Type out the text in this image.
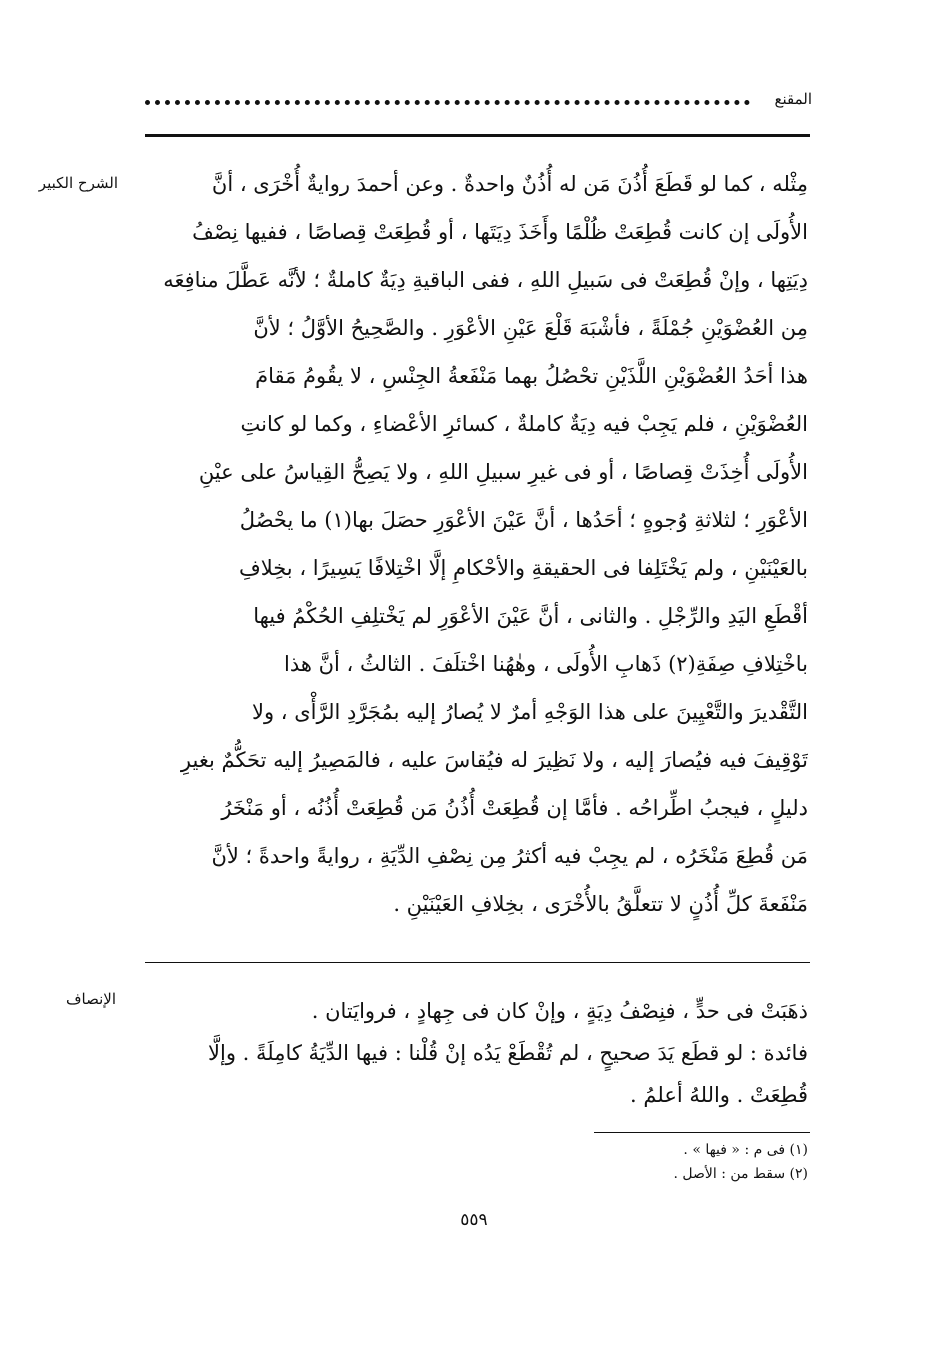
المقنع
الشرح الكبير	مِثْله ، كما لو قَطَعَ أُذُنَ مَن له أُذُنٌ واحدةٌ . وعن أحمدَ روايةٌ أُخْرَى ، أنَّ
الأُولَى إن كانت قُطِعَتْ ظُلْمًا وأَخَذَ دِيَتَها ، أو قُطِعَتْ قِصاصًا ، ففيها نِصْفُ
دِيَتِها ، وإنْ قُطِعَتْ فى سَبيلِ اللهِ ، ففى الباقيةِ دِيَةٌ كاملةٌ ؛ لأنَّه عَطَّلَ منافِعَه
مِن العُضْوَيْنِ جُمْلَةً ، فأشْبَهَ قَلْعَ عَيْنِ الأعْوَرِ . والصَّحِيحُ الأوَّلُ ؛ لأنَّ
هذا أحَدُ العُضْوَيْنِ اللَّذَيْنِ تحْصُلُ بهما مَنْفَعةُ الجِنْسِ ، لا يقُومُ مَقامَ
العُضْوَيْنِ ، فلم يَجِبْ فيه دِيَةٌ كاملةٌ ، كسائرِ الأعْضاءِ ، وكما لو كانتِ
الأُولَى أُخِذَتْ قِصاصًا ، أو فى غيرِ سبيلِ اللهِ ، ولا يَصِحُّ القِياسُ على عيْنِ
الأعْوَرِ ؛ لثلاثةِ وُجوهٍ ؛ أحَدُها ، أنَّ عَيْنَ الأعْوَرِ حصَلَ بها(١) ما يحْصُلُ
بالعَيْنَيْنِ ، ولم يَخْتَلِفا فى الحقيقةِ والأحْكامِ إلَّا اخْتِلافًا يَسِيرًا ، بخِلافِ
أقْطَعِ اليَدِ والرِّجْلِ . والثانى ، أنَّ عَيْنَ الأعْوَرِ لم يَخْتلِفِ الحُكْمُ فيها
باخْتِلافِ صِفَةِ(٢) ذَهابِ الأُولَى ، وهٰهُنا اخْتلَفَ . الثالثُ ، أنَّ هذا
التَّقْديرَ والتَّعْيِينَ على هذا الوَجْهِ أمرٌ لا يُصارُ إليه بمُجَرَّدِ الرَّأْى ، ولا
تَوْقِيفَ فيه فيُصارَ إليه ، ولا نَظِيرَ له فيُقاسَ عليه ، فالمَصِيرُ إليه تحَكُّمٌ بغيرِ
دليلٍ ، فيجبُ اطِّراحُه . فأمَّا إن قُطِعَتْ أُذُنُ مَن قُطِعَتْ أُذُنُه ، أو مَنْخَرُ
مَن قُطِعَ مَنْخَرُه ، لم يجِبْ فيه أكثرُ مِن نِصْفِ الدِّيَةِ ، روايةً واحدةً ؛ لأنَّ
مَنْفَعةَ كلِّ أُذُنٍ لا تتعلَّقُ بالأُخْرَى ، بخِلافِ العَيْنَيْنِ .
الإنصاف	ذهَبَتْ فى حدٍّ ، فنِصْفُ دِيَةٍ ، وإنْ كان فى جِهادٍ ، فروايَتان .
فائدة : لو قطَع يَدَ صحيحٍ ، لم تُقْطَعْ يَدُه إنْ قُلْنا : فيها الدِّيَةُ كامِلَةً . وإلَّا
قُطِعَتْ . واللهُ أعلمُ .
(١) فى م : « فيها » .
(٢) سقط من : الأصل .
٥٥٩
